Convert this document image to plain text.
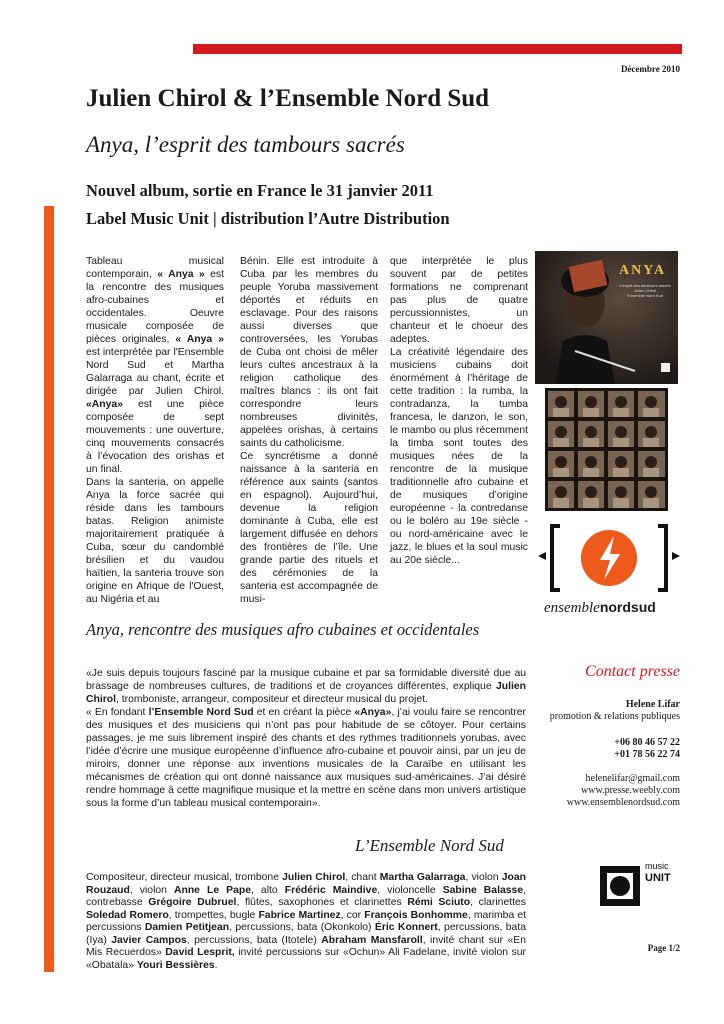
Décembre 2010
Julien Chirol & l’Ensemble Nord Sud
Anya, l’esprit des tambours sacrés
Nouvel album, sortie en France le 31 janvier 2011
Label Music Unit | distribution l’Autre Distribution

Tableau musical contemporain, « Anya » est la rencontre des musiques afro-cubaines et occidentales. Oeuvre musicale composée de pièces originales, « Anya » est interprétée par l'Ensemble Nord Sud et Martha Galarraga au chant, écrite et dirigée par Julien Chirol. «Anya» est une pièce composée de sept mouvements : une ouverture, cinq mouvements consacrés à l’évocation des orishas et un final.

Dans la santeria, on appelle Anya la force sacrée qui réside dans les tambours batas. Religion animiste majoritairement pratiquée à Cuba, sœur du candomblé brésilien et du vaudou haïtien, la santeria trouve son origine en Afrique de l'Ouest, au Nigéria et au

Bénin. Elle est introduite à Cuba par les membres du peuple Yoruba massivement déportés et réduits en esclavage. Pour des raisons aussi diverses que controversées, les Yorubas de Cuba ont choisi de mêler leurs cultes ancestraux à la religion catholique des maîtres blancs : ils ont fait correspondre leurs nombreuses divinités, appelées orishas, à certains saints du catholicisme.

Ce syncrétisme a donné naissance à la santeria en référence aux saints (santos en espagnol). Aujourd’hui, devenue la religion dominante à Cuba, elle est largement diffusée en dehors des frontières de l’île. Une grande partie des rituels et des cérémonies de la santeria est accompagnée de musi-

que interprétée le plus souvent par de petites formations ne comprenant pas plus de quatre percussionnistes, un chanteur et le choeur des adeptes.

La créativité légendaire des musiciens cubains doit énormément à l’héritage de cette tradition : la rumba, la contradanza, la tumba francesa, le danzon, le son, le mambo ou plus récemment la timba sont toutes des musiques nées de la rencontre de la musique traditionnelle afro cubaine et de musiques d’origine européenne - la contredanse ou le boléro au 19e siècle - ou nord-américaine avec le jazz, le blues et la soul music au 20e siècle...

ANYA
L'esprit des tambours sacrés
Julien Chirol
Ensemble Nord Sud
ensemblenordsud
Anya, rencontre des musiques afro cubaines et occidentales

«Je suis depuis toujours fasciné par la musique cubaine et par sa formidable diversité due au brassage de nombreuses cultures, de traditions et de croyances différentes, explique Julien Chirol, tromboniste, arrangeur, compositeur et directeur musical du projet.

« En fondant l’Ensemble Nord Sud et en créant la pièce «Anya», j’ai voulu faire se rencontrer des musiques et des musiciens qui n’ont pas pour habitude de se côtoyer. Pour certains passages, je me suis librement inspiré des chants et des rythmes traditionnels yorubas, avec l’idée d’écrire une musique européenne d’influence afro-cubaine et pouvoir ainsi, par un jeu de miroirs, donner une réponse aux inventions musicales de la Caraïbe en utilisant les mécanismes de création qui ont donné naissance aux musiques sud-américaines. J’ai désiré rendre hommage à cette magnifique musique et la mettre en scène dans mon univers artistique sous la forme d’un tableau musical contemporain».

L’Ensemble Nord Sud

Compositeur, directeur musical, trombone Julien Chirol, chant Martha Galarraga, violon Joan Rouzaud, violon Anne Le Pape, alto Frédéric Maindive, violoncelle Sabine Balasse, contrebasse Grégoire Dubruel, flûtes, saxophones et clarinettes Rémi Sciuto, clarinettes Soledad Romero, trompettes, bugle Fabrice Martinez, cor François Bonhomme, marimba et percussions Damien Petitjean, percussions, bata (Okonkolo) Éric Konnert, percussions, bata (Iya) Javier Campos, percussions, bata (Itotele) Abraham Mansfaroll, invité chant sur «En Mis Recuerdos» David Lesprit, invité percussions sur «Ochun» Ali Fadelane, invité violon sur «Obatala» Youri Bessières.

Contact presse
Helene Lifar
promotion & relations publiques
+06 80 46 57 22
+01 78 56 22 74
helenelifar@gmail.com
www.presse.weebly.com
www.ensemblenordsud.com
music
UNIT
Page 1/2
